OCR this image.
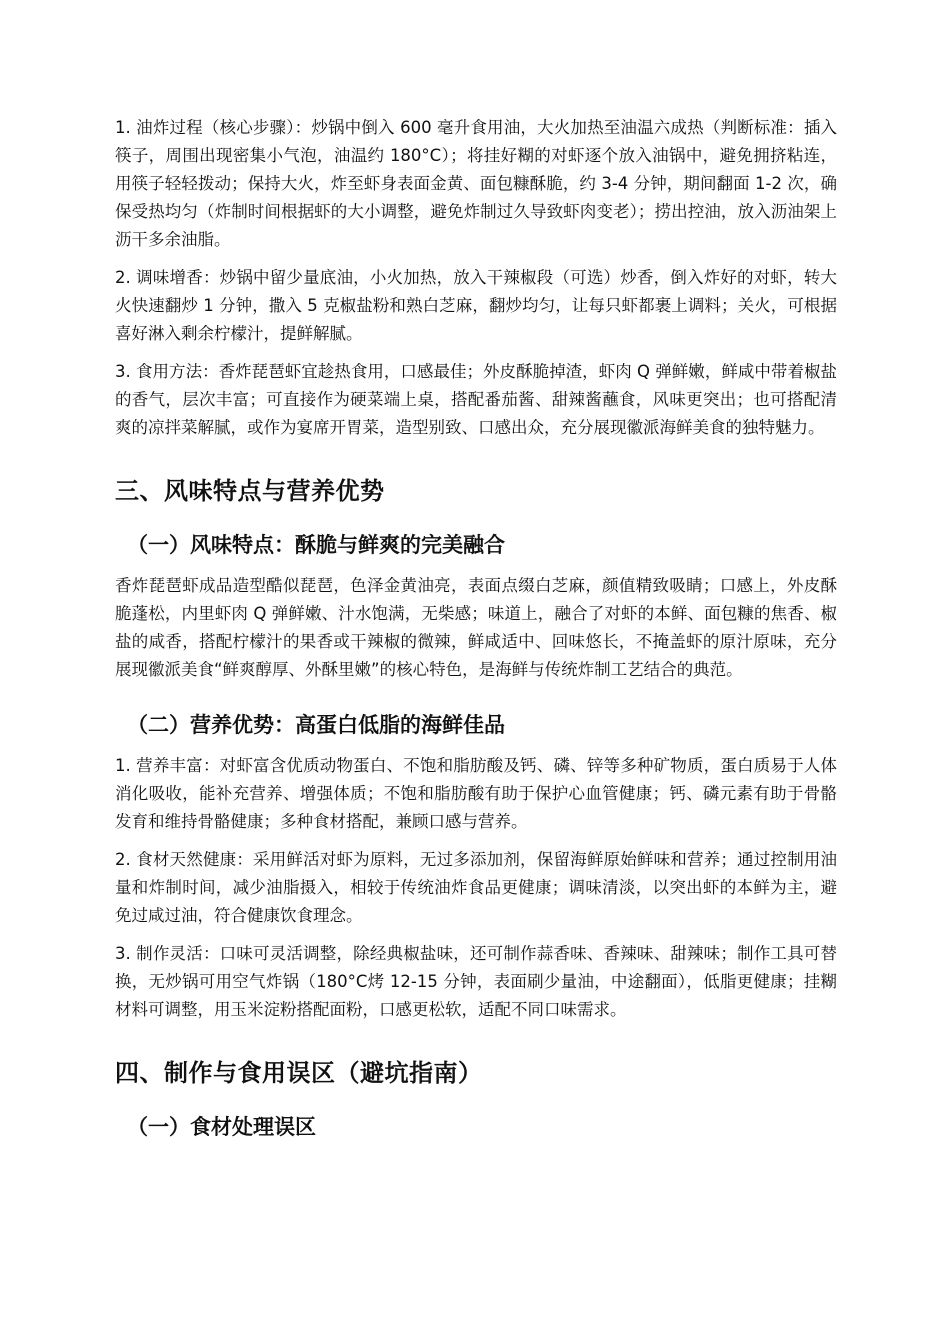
1. 油炸过程（核心步骤）：炒锅中倒入 600 毫升食用油，大火加热至油温六成热（判断标准：插入筷子，周围出现密集小气泡，油温约 180°C）；将挂好糊的对虾逐个放入油锅中，避免拥挤粘连，用筷子轻轻拨动；保持大火，炸至虾身表面金黄、面包糠酥脆，约 3-4 分钟，期间翻面 1-2 次，确保受热均匀（炸制时间根据虾的大小调整，避免炸制过久导致虾肉变老）；捞出控油，放入沥油架上沥干多余油脂。

2. 调味增香：炒锅中留少量底油，小火加热，放入干辣椒段（可选）炒香，倒入炸好的对虾，转大火快速翻炒 1 分钟，撒入 5 克椒盐粉和熟白芝麻，翻炒均匀，让每只虾都裹上调料；关火，可根据喜好淋入剩余柠檬汁，提鲜解腻。

3. 食用方法：香炸琵琶虾宜趁热食用，口感最佳；外皮酥脆掉渣，虾肉 Q 弹鲜嫩，鲜咸中带着椒盐的香气，层次丰富；可直接作为硬菜端上桌，搭配番茄酱、甜辣酱蘸食，风味更突出；也可搭配清爽的凉拌菜解腻，或作为宴席开胃菜，造型别致、口感出众，充分展现徽派海鲜美食的独特魅力。

三、风味特点与营养优势
（一）风味特点：酥脆与鲜爽的完美融合

香炸琵琶虾成品造型酷似琵琶，色泽金黄油亮，表面点缀白芝麻，颜值精致吸睛；口感上，外皮酥脆蓬松，内里虾肉 Q 弹鲜嫩、汁水饱满，无柴感；味道上，融合了对虾的本鲜、面包糠的焦香、椒盐的咸香，搭配柠檬汁的果香或干辣椒的微辣，鲜咸适中、回味悠长，不掩盖虾的原汁原味，充分展现徽派美食“鲜爽醇厚、外酥里嫩”的核心特色，是海鲜与传统炸制工艺结合的典范。

（二）营养优势：高蛋白低脂的海鲜佳品

1. 营养丰富：对虾富含优质动物蛋白、不饱和脂肪酸及钙、磷、锌等多种矿物质，蛋白质易于人体消化吸收，能补充营养、增强体质；不饱和脂肪酸有助于保护心血管健康；钙、磷元素有助于骨骼发育和维持骨骼健康；多种食材搭配，兼顾口感与营养。

2. 食材天然健康：采用鲜活对虾为原料，无过多添加剂，保留海鲜原始鲜味和营养；通过控制用油量和炸制时间，减少油脂摄入，相较于传统油炸食品更健康；调味清淡，以突出虾的本鲜为主，避免过咸过油，符合健康饮食理念。

3. 制作灵活：口味可灵活调整，除经典椒盐味，还可制作蒜香味、香辣味、甜辣味；制作工具可替换，无炒锅可用空气炸锅（180°C烤 12-15 分钟，表面刷少量油，中途翻面），低脂更健康；挂糊材料可调整，用玉米淀粉搭配面粉，口感更松软，适配不同口味需求。

四、制作与食用误区（避坑指南）
（一）食材处理误区
